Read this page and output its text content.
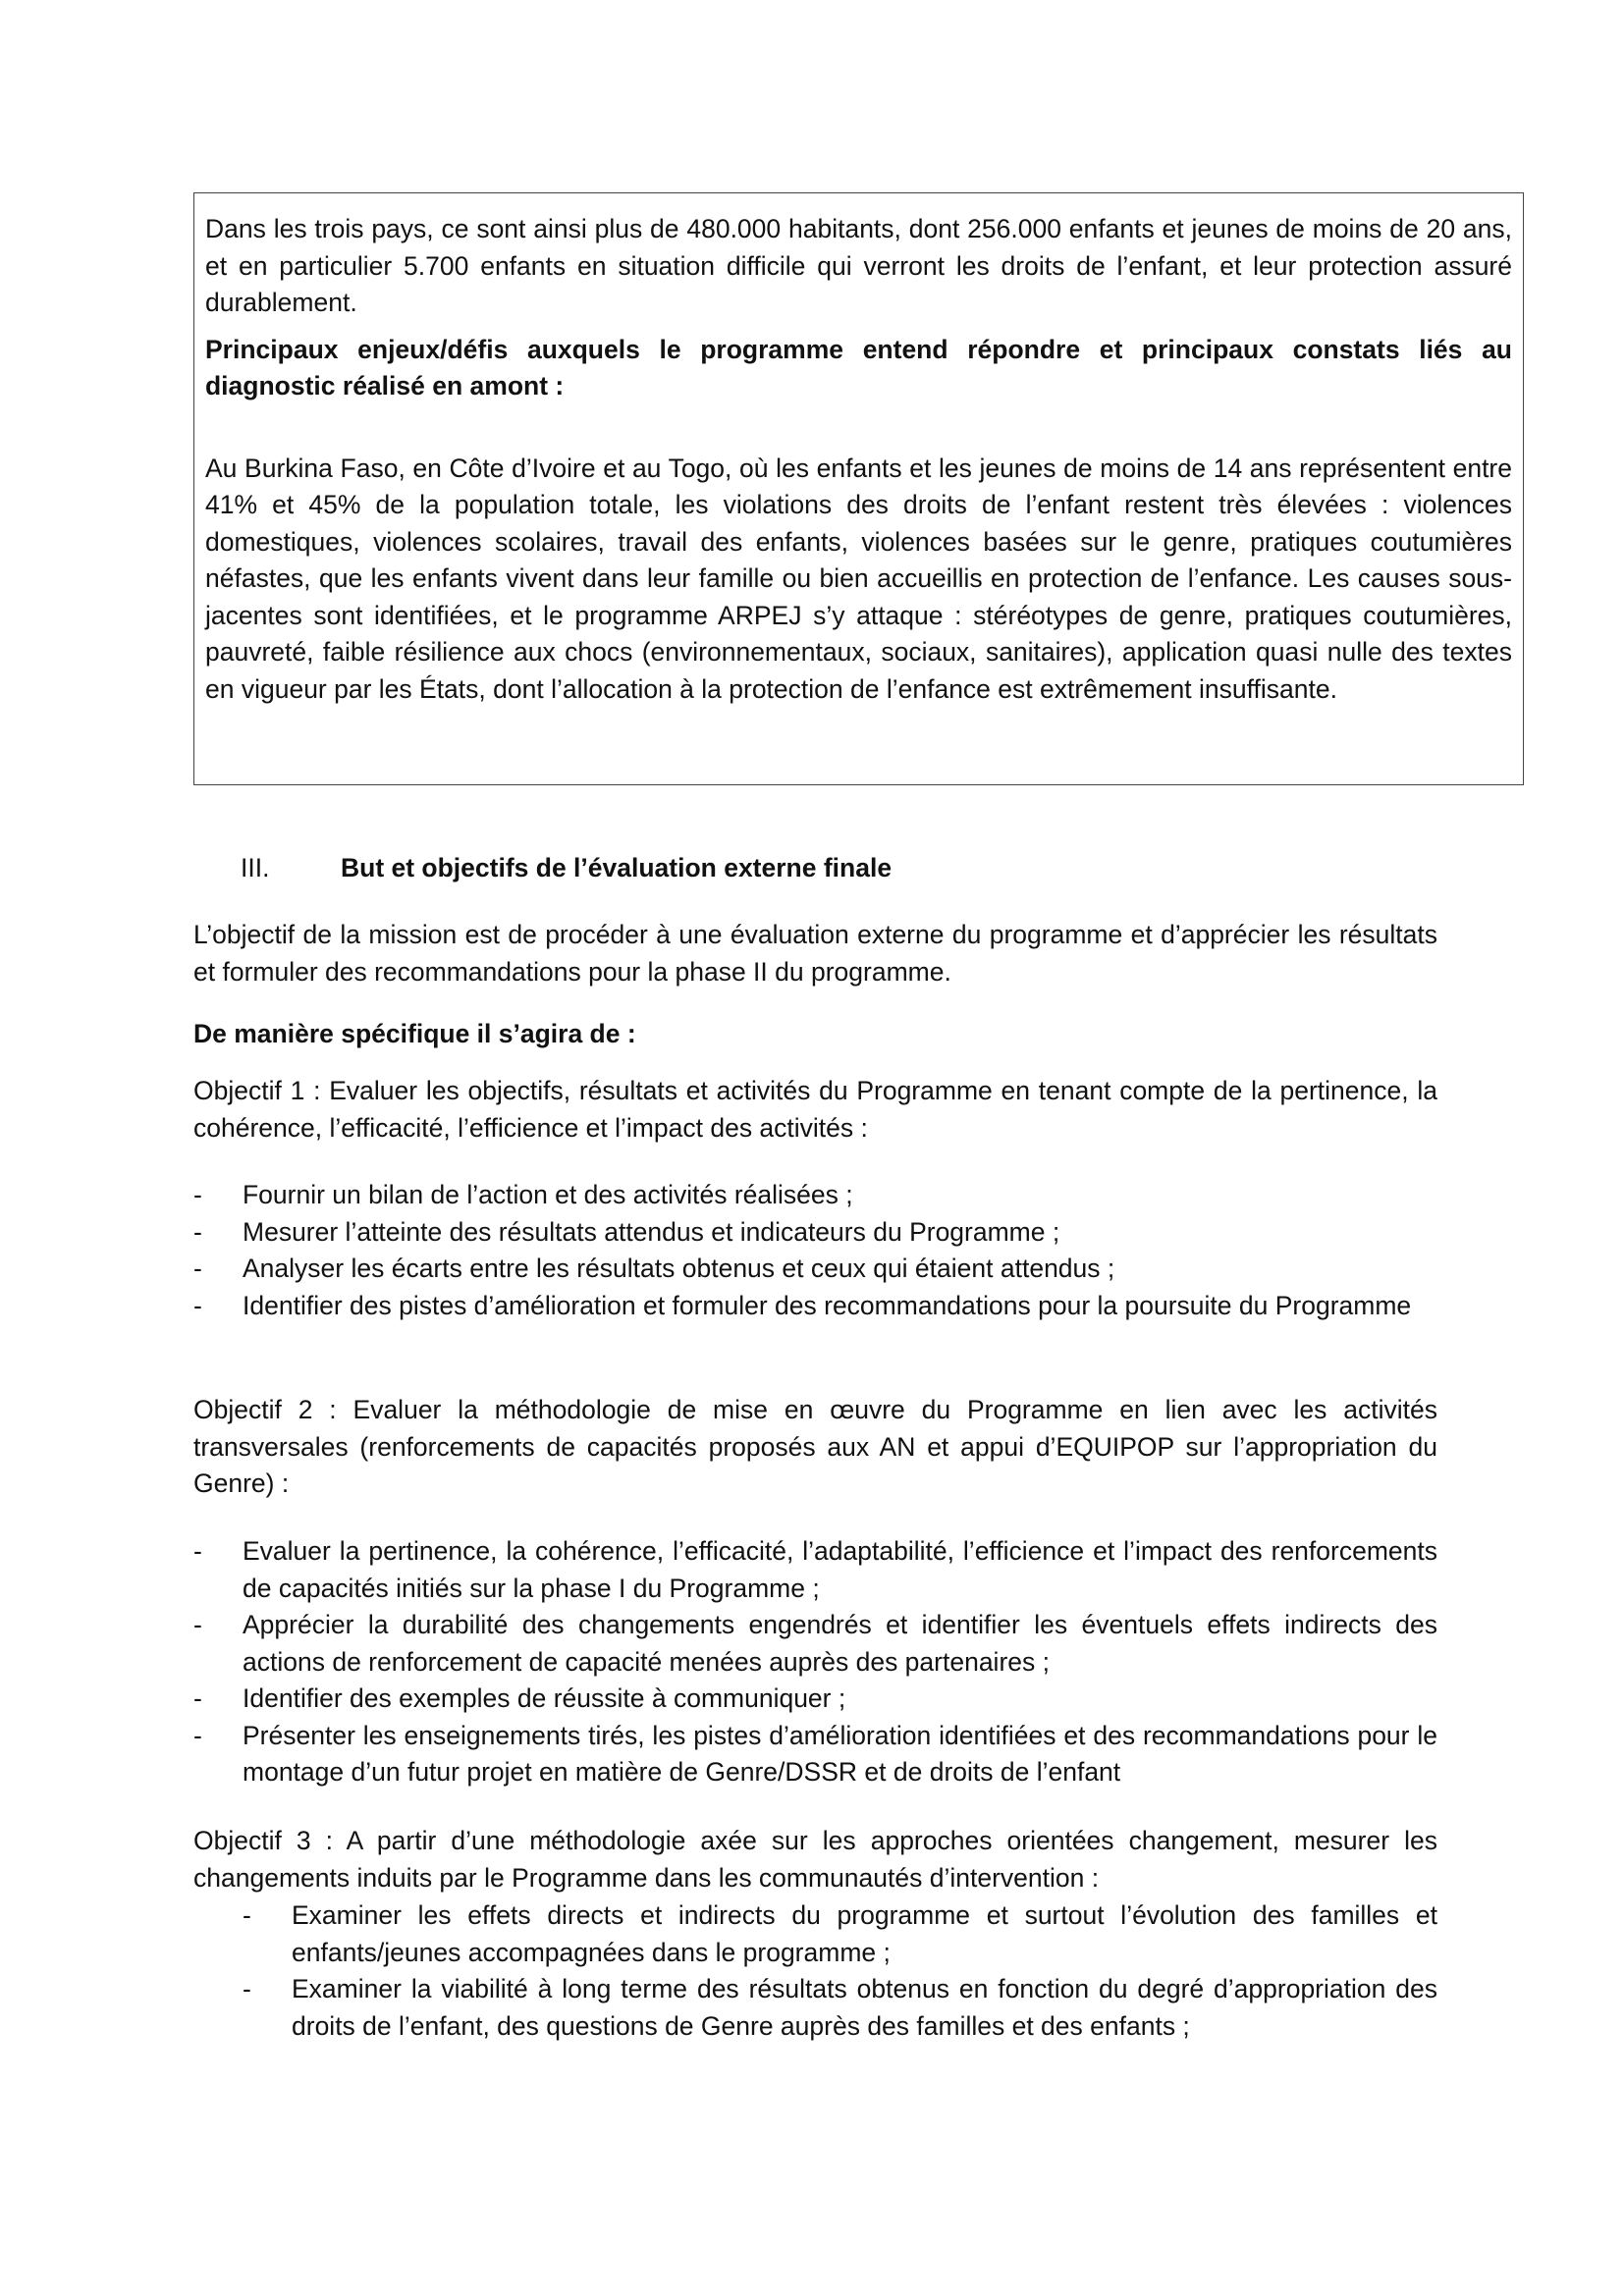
Dans les trois pays, ce sont ainsi plus de 480.000 habitants, dont 256.000 enfants et jeunes de moins de 20 ans, et en particulier 5.700 enfants en situation difficile qui verront les droits de l’enfant, et leur protection assuré durablement.

Principaux enjeux/défis auxquels le programme entend répondre et principaux constats liés au diagnostic réalisé en amont :

Au Burkina Faso, en Côte d’Ivoire et au Togo, où les enfants et les jeunes de moins de 14 ans représentent entre 41% et 45% de la population totale, les violations des droits de l’enfant restent très élevées : violences domestiques, violences scolaires, travail des enfants, violences basées sur le genre, pratiques coutumières néfastes, que les enfants vivent dans leur famille ou bien accueillis en protection de l’enfance. Les causes sous-jacentes sont identifiées, et le programme ARPEJ s’y attaque : stéréotypes de genre, pratiques coutumières, pauvreté, faible résilience aux chocs (environnementaux, sociaux, sanitaires), application quasi nulle des textes en vigueur par les États, dont l’allocation à la protection de l’enfance est extrêmement insuffisante.

III.	But et objectifs de l’évaluation externe finale

L’objectif de la mission est de procéder à une évaluation externe du programme et d’apprécier les résultats et formuler des recommandations pour la phase II du programme.

De manière spécifique il s’agira de :

Objectif 1 : Evaluer les objectifs, résultats et activités du Programme en tenant compte de la pertinence, la cohérence, l’efficacité, l’efficience et l’impact des activités :

- Fournir un bilan de l’action et des activités réalisées ;
- Mesurer l’atteinte des résultats attendus et indicateurs du Programme ;
- Analyser les écarts entre les résultats obtenus et ceux qui étaient attendus ;
- Identifier des pistes d’amélioration et formuler des recommandations pour la poursuite du Programme

Objectif 2 : Evaluer la méthodologie de mise en œuvre du Programme en lien avec les activités transversales (renforcements de capacités proposés aux AN et appui d’EQUIPOP sur l’appropriation du Genre) :

- Evaluer la pertinence, la cohérence, l’efficacité, l’adaptabilité, l’efficience et l’impact des renforcements de capacités initiés sur la phase I du Programme ;
- Apprécier la durabilité des changements engendrés et identifier les éventuels effets indirects des actions de renforcement de capacité menées auprès des partenaires ;
- Identifier des exemples de réussite à communiquer ;
- Présenter les enseignements tirés, les pistes d’amélioration identifiées et des recommandations pour le montage d’un futur projet en matière de Genre/DSSR et de droits de l’enfant

Objectif 3 : A partir d’une méthodologie axée sur les approches orientées changement, mesurer les changements induits par le Programme dans les communautés d’intervention :

- Examiner les effets directs et indirects du programme et surtout l’évolution des familles et enfants/jeunes accompagnées dans le programme ;
- Examiner la viabilité à long terme des résultats obtenus en fonction du degré d’appropriation des droits de l’enfant, des questions de Genre auprès des familles et des enfants ;
